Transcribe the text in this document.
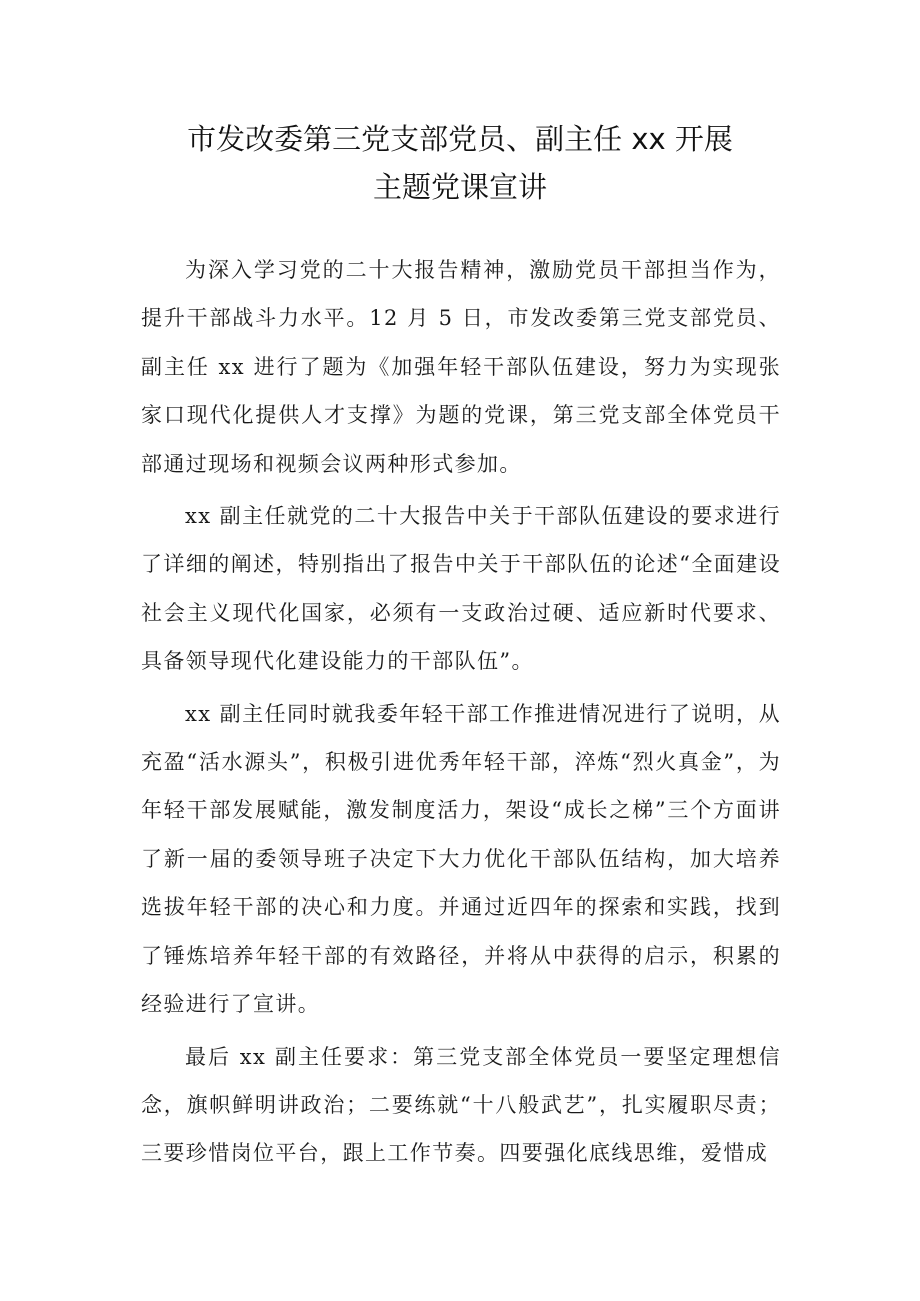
市发改委第三党支部党员、副主任 xx 开展
主题党课宣讲

为深入学习党的二十大报告精神，激励党员干部担当作为，提升干部战斗力水平。12 月 5 日，市发改委第三党支部党员、副主任 xx 进行了题为《加强年轻干部队伍建设，努力为实现张家口现代化提供人才支撑》为题的党课，第三党支部全体党员干部通过现场和视频会议两种形式参加。

xx 副主任就党的二十大报告中关于干部队伍建设的要求进行了详细的阐述，特别指出了报告中关于干部队伍的论述“全面建设社会主义现代化国家，必须有一支政治过硬、适应新时代要求、具备领导现代化建设能力的干部队伍”。

xx 副主任同时就我委年轻干部工作推进情况进行了说明，从充盈“活水源头”，积极引进优秀年轻干部，淬炼“烈火真金”，为年轻干部发展赋能，激发制度活力，架设“成长之梯”三个方面讲了新一届的委领导班子决定下大力优化干部队伍结构，加大培养选拔年轻干部的决心和力度。并通过近四年的探索和实践，找到了锤炼培养年轻干部的有效路径，并将从中获得的启示，积累的经验进行了宣讲。

最后 xx 副主任要求：第三党支部全体党员一要坚定理想信念，旗帜鲜明讲政治；二要练就“十八般武艺”，扎实履职尽责；三要珍惜岗位平台，跟上工作节奏。四要强化底线思维，爱惜成
